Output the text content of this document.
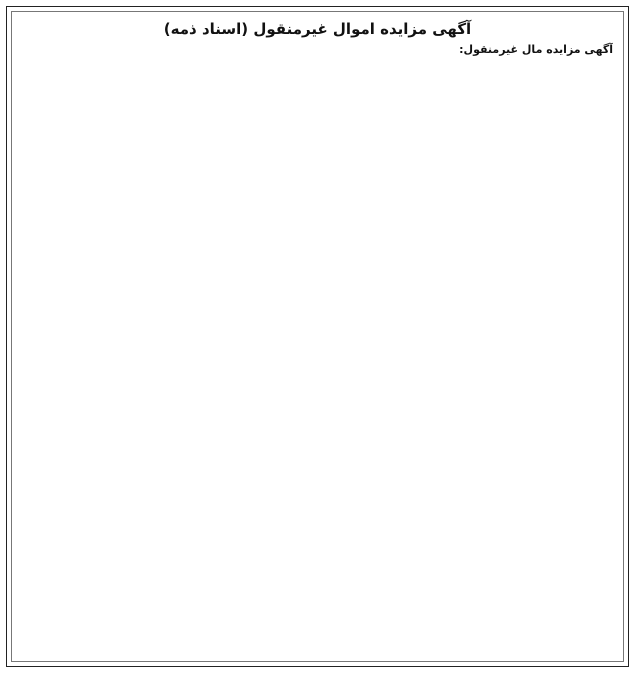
آگهی مزایده اموال غیرمنقول (اسناد ذمه)
آگهی مزایده مال غیرمنقول:
